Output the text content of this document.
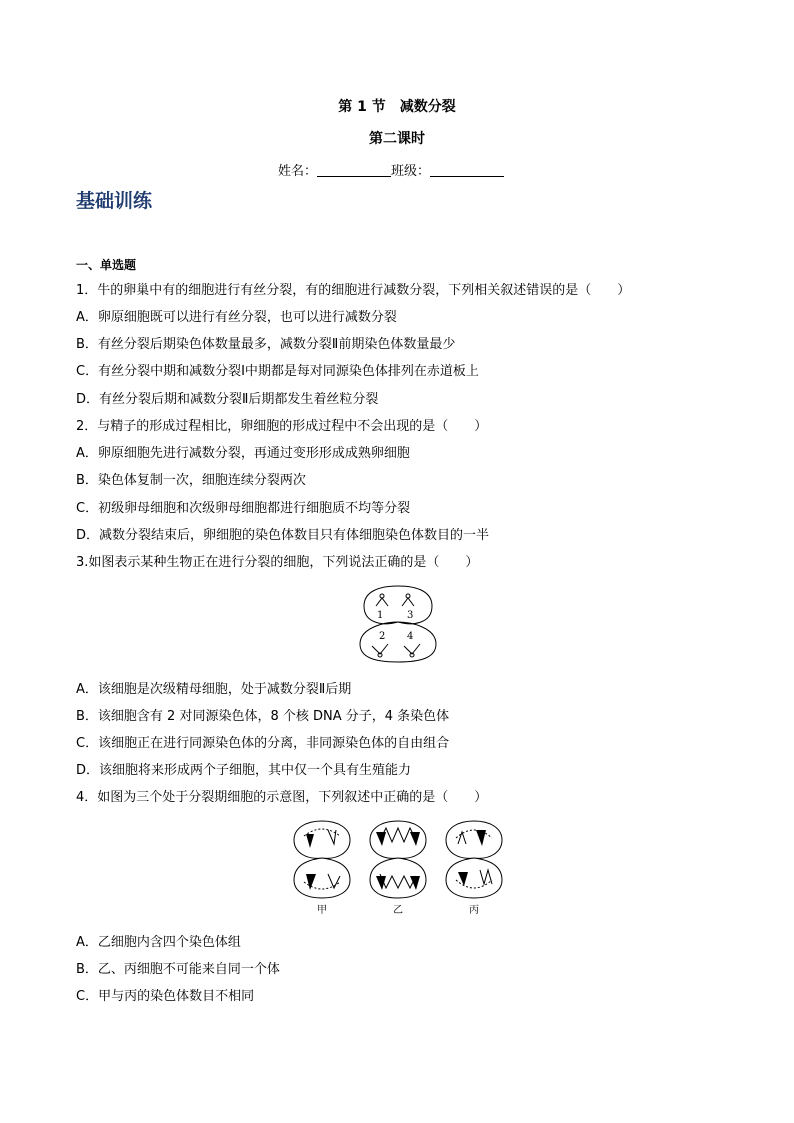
第 1 节　减数分裂
第二课时
姓名：	班级：
基础训练
一、单选题
1．牛的卵巢中有的细胞进行有丝分裂，有的细胞进行减数分裂，下列相关叙述错误的是（　　）
A．卵原细胞既可以进行有丝分裂，也可以进行减数分裂
B．有丝分裂后期染色体数量最多，减数分裂Ⅱ前期染色体数量最少
C．有丝分裂中期和减数分裂Ⅰ中期都是每对同源染色体排列在赤道板上
D．有丝分裂后期和减数分裂Ⅱ后期都发生着丝粒分裂
2．与精子的形成过程相比，卵细胞的形成过程中不会出现的是（　　）
A．卵原细胞先进行减数分裂，再通过变形形成成熟卵细胞
B．染色体复制一次，细胞连续分裂两次
C．初级卵母细胞和次级卵母细胞都进行细胞质不均等分裂
D．减数分裂结束后，卵细胞的染色体数目只有体细胞染色体数目的一半
3.如图表示某种生物正在进行分裂的细胞，下列说法正确的是（　　）
1 3
2 4
A．该细胞是次级精母细胞，处于减数分裂Ⅱ后期
B．该细胞含有 2 对同源染色体，8 个核 DNA 分子，4 条染色体
C．该细胞正在进行同源染色体的分离，非同源染色体的自由组合
D．该细胞将来形成两个子细胞，其中仅一个具有生殖能力
4．如图为三个处于分裂期细胞的示意图，下列叙述中正确的是（　　）
甲	乙	丙
A．乙细胞内含四个染色体组
B．乙、丙细胞不可能来自同一个体
C．甲与丙的染色体数目不相同
